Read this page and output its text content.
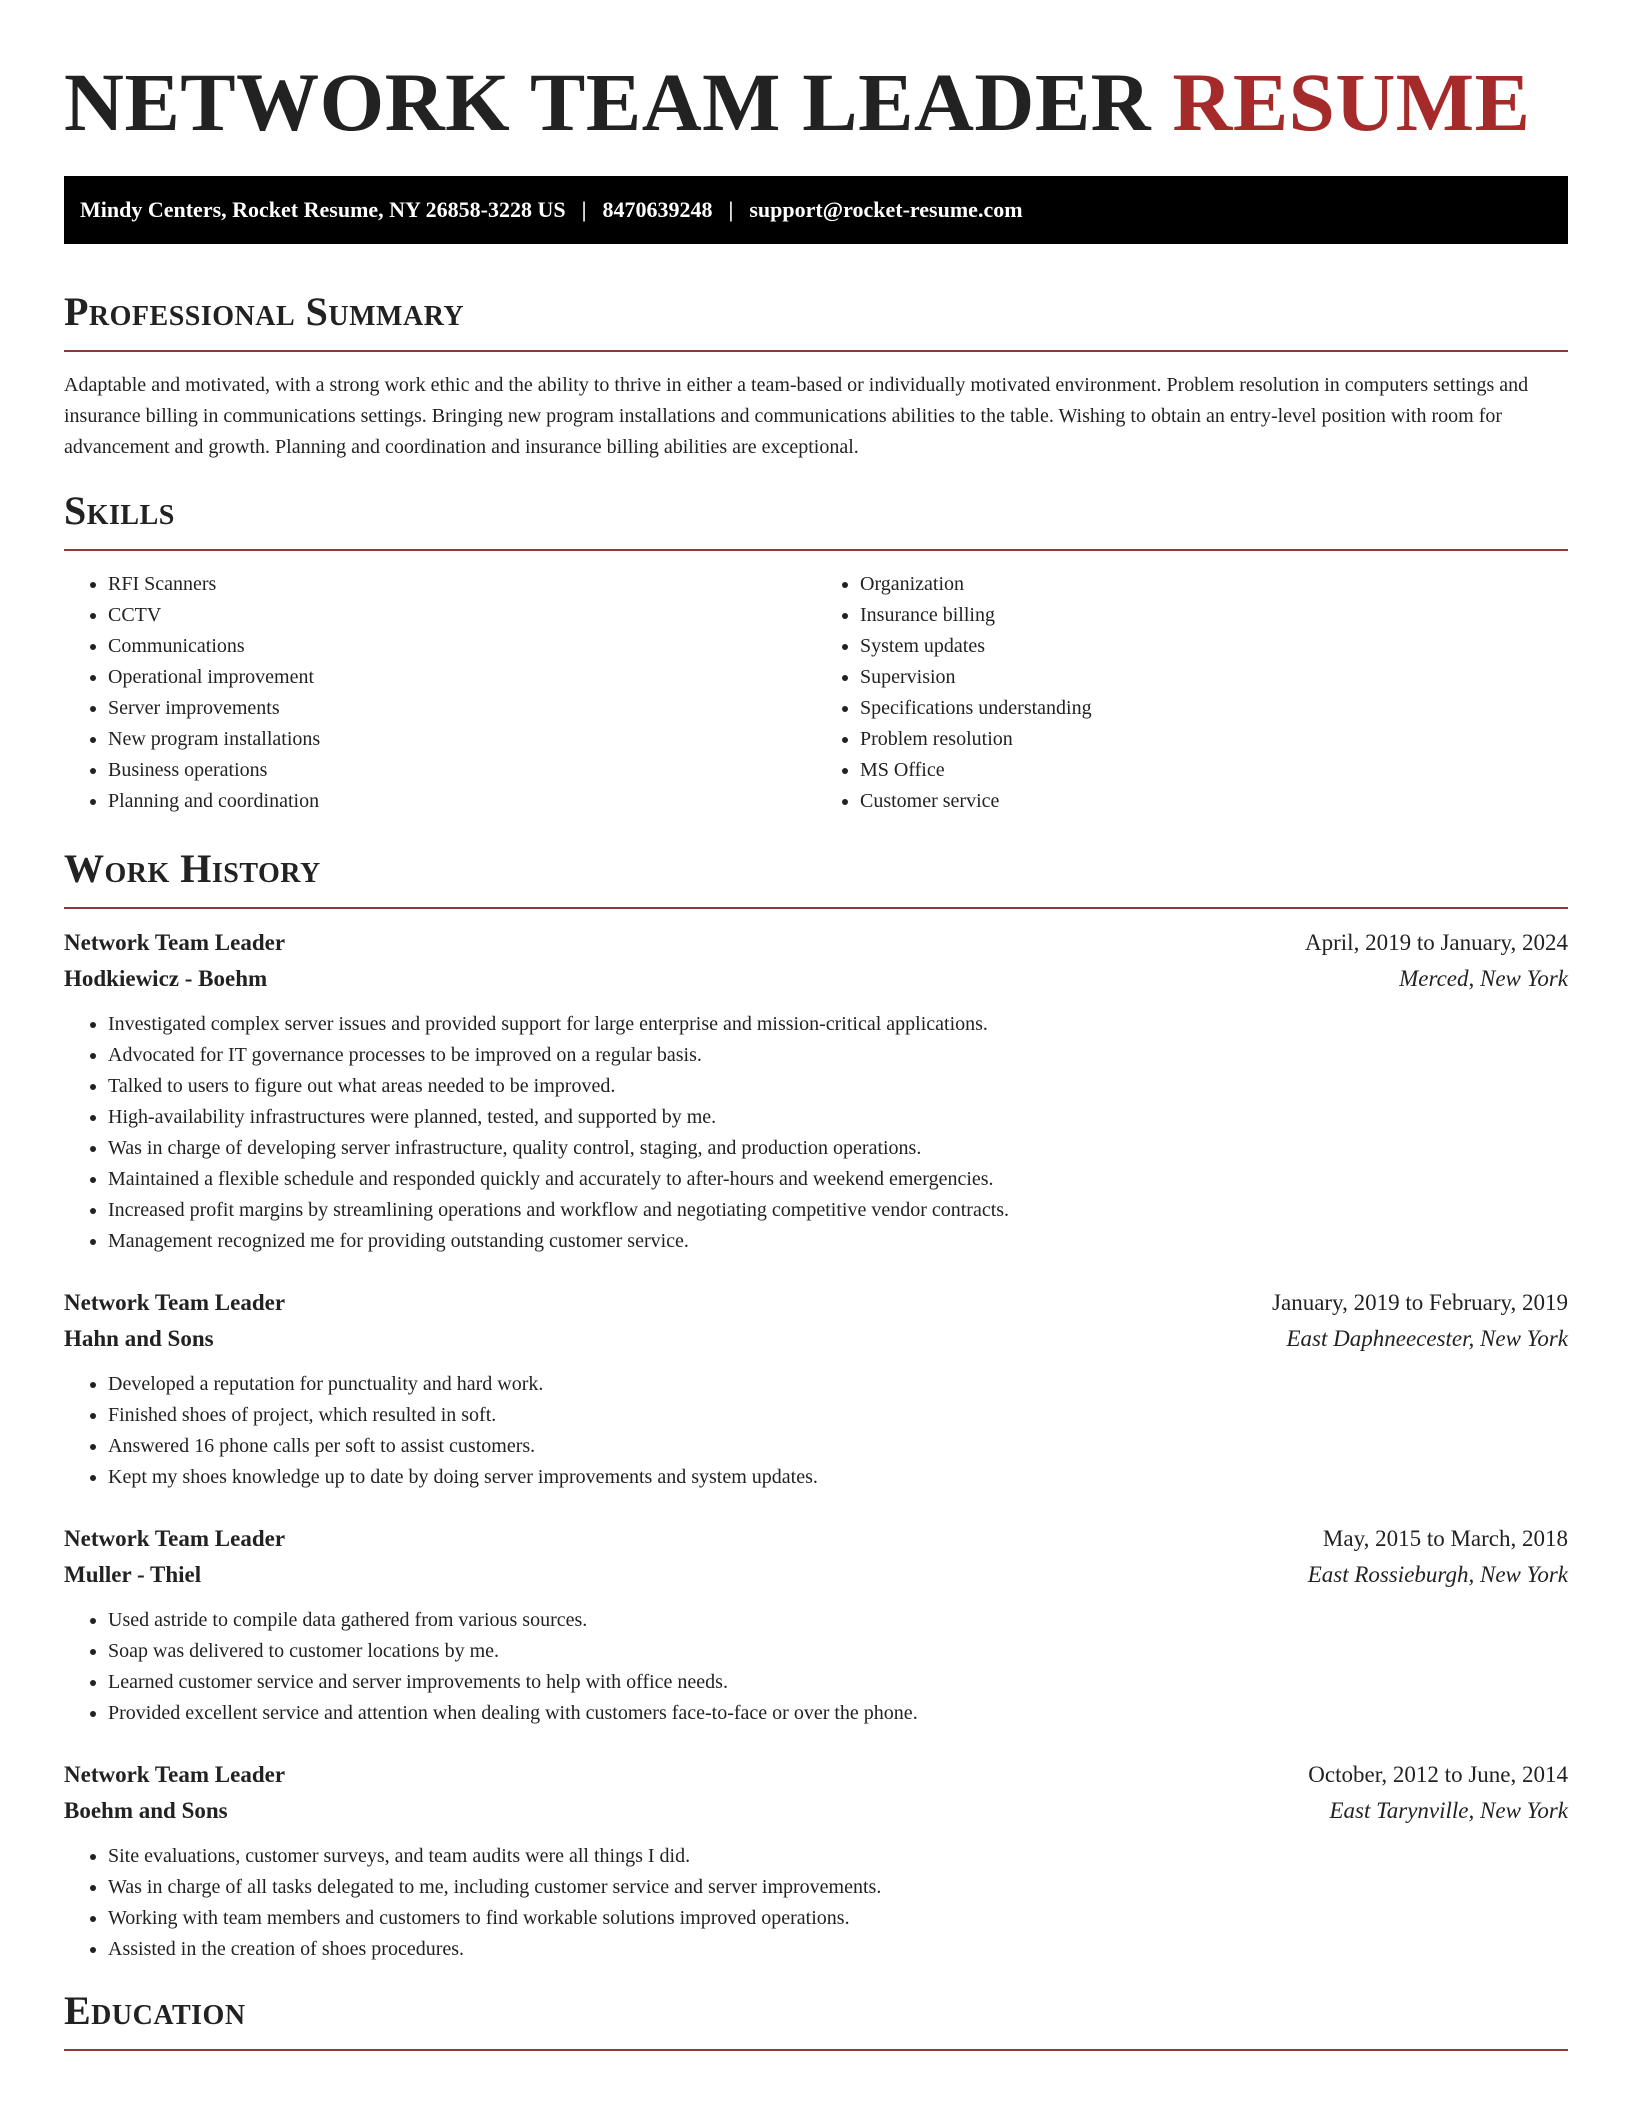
NETWORK TEAM LEADER RESUME
Mindy Centers, Rocket Resume, NY 26858-3228 US | 8470639248 | support@rocket-resume.com
Professional Summary

Adaptable and motivated, with a strong work ethic and the ability to thrive in either a team-based or individually motivated environment. Problem resolution in computers settings and insurance billing in communications settings. Bringing new program installations and communications abilities to the table. Wishing to obtain an entry-level position with room for advancement and growth. Planning and coordination and insurance billing abilities are exceptional.

Skills
• RFI Scanners
• CCTV
• Communications
• Operational improvement
• Server improvements
• New program installations
• Business operations
• Planning and coordination
• Organization
• Insurance billing
• System updates
• Supervision
• Specifications understanding
• Problem resolution
• MS Office
• Customer service
Work History
Network Team Leader	April, 2019 to January, 2024
Hodkiewicz - Boehm	Merced, New York
• Investigated complex server issues and provided support for large enterprise and mission-critical applications.
• Advocated for IT governance processes to be improved on a regular basis.
• Talked to users to figure out what areas needed to be improved.
• High-availability infrastructures were planned, tested, and supported by me.
• Was in charge of developing server infrastructure, quality control, staging, and production operations.
• Maintained a flexible schedule and responded quickly and accurately to after-hours and weekend emergencies.
• Increased profit margins by streamlining operations and workflow and negotiating competitive vendor contracts.
• Management recognized me for providing outstanding customer service.
Network Team Leader	January, 2019 to February, 2019
Hahn and Sons	East Daphneecester, New York
• Developed a reputation for punctuality and hard work.
• Finished shoes of project, which resulted in soft.
• Answered 16 phone calls per soft to assist customers.
• Kept my shoes knowledge up to date by doing server improvements and system updates.
Network Team Leader	May, 2015 to March, 2018
Muller - Thiel	East Rossieburgh, New York
• Used astride to compile data gathered from various sources.
• Soap was delivered to customer locations by me.
• Learned customer service and server improvements to help with office needs.
• Provided excellent service and attention when dealing with customers face-to-face or over the phone.
Network Team Leader	October, 2012 to June, 2014
Boehm and Sons	East Tarynville, New York
• Site evaluations, customer surveys, and team audits were all things I did.
• Was in charge of all tasks delegated to me, including customer service and server improvements.
• Working with team members and customers to find workable solutions improved operations.
• Assisted in the creation of shoes procedures.
Education
